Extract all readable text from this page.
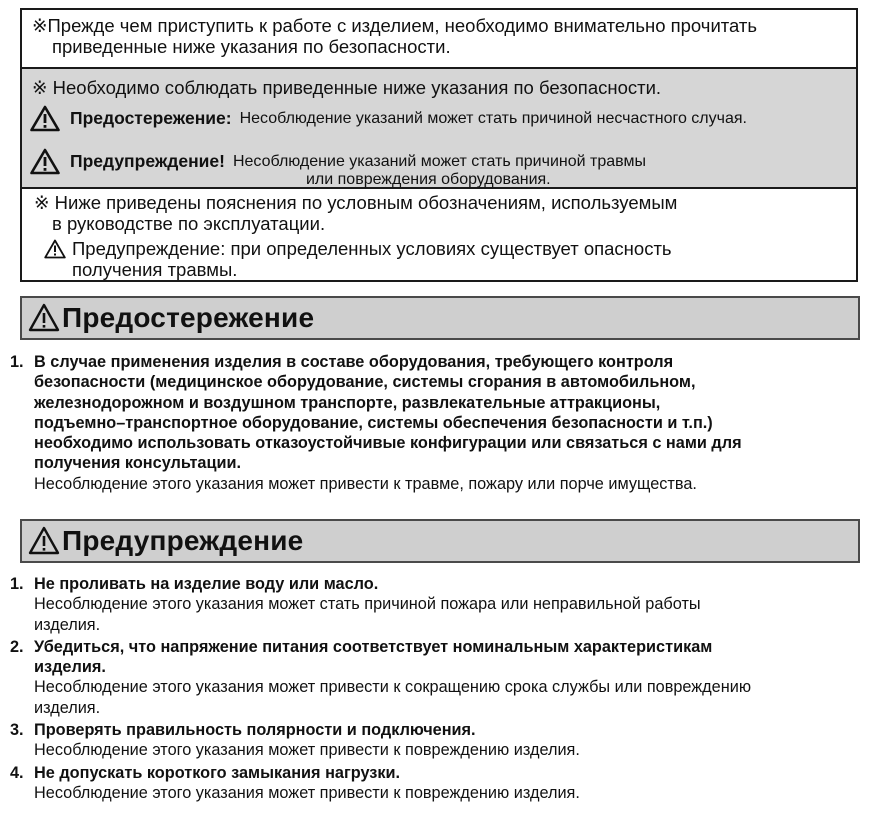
※Прежде чем приступить к работе с изделием, необходимо внимательно прочитать
приведенные ниже указания по безопасности.
※ Необходимо соблюдать приведенные ниже указания по безопасности.
Предостережение: Несоблюдение указаний может стать причиной несчастного случая.
Предупреждение! Несоблюдение указаний может стать причиной травмы
или повреждения оборудования.
※ Ниже приведены пояснения по условным обозначениям, используемым
в руководстве по эксплуатации.
Предупреждение: при определенных условиях существует опасность
получения травмы.
Предостережение
1. В случае применения изделия в составе оборудования, требующего контроля
безопасности (медицинское оборудование, системы сгорания в автомобильном,
железнодорожном и воздушном транспорте, развлекательные аттракционы,
подъемно–транспортное оборудование, системы обеспечения безопасности и т.п.)
необходимо использовать отказоустойчивые конфигурации или связаться с нами для
получения консультации.
Несоблюдение этого указания может привести к травме, пожару или порче имущества.
Предупреждение
1. Не проливать на изделие воду или масло.
Несоблюдение этого указания может стать причиной пожара или неправильной работы
изделия.
2. Убедиться, что напряжение питания соответствует номинальным характеристикам
изделия.
Несоблюдение этого указания может привести к сокращению срока службы или повреждению
изделия.
3. Проверять правильность полярности и подключения.
Несоблюдение этого указания может привести к повреждению изделия.
4. Не допускать короткого замыкания нагрузки.
Несоблюдение этого указания может привести к повреждению изделия.
